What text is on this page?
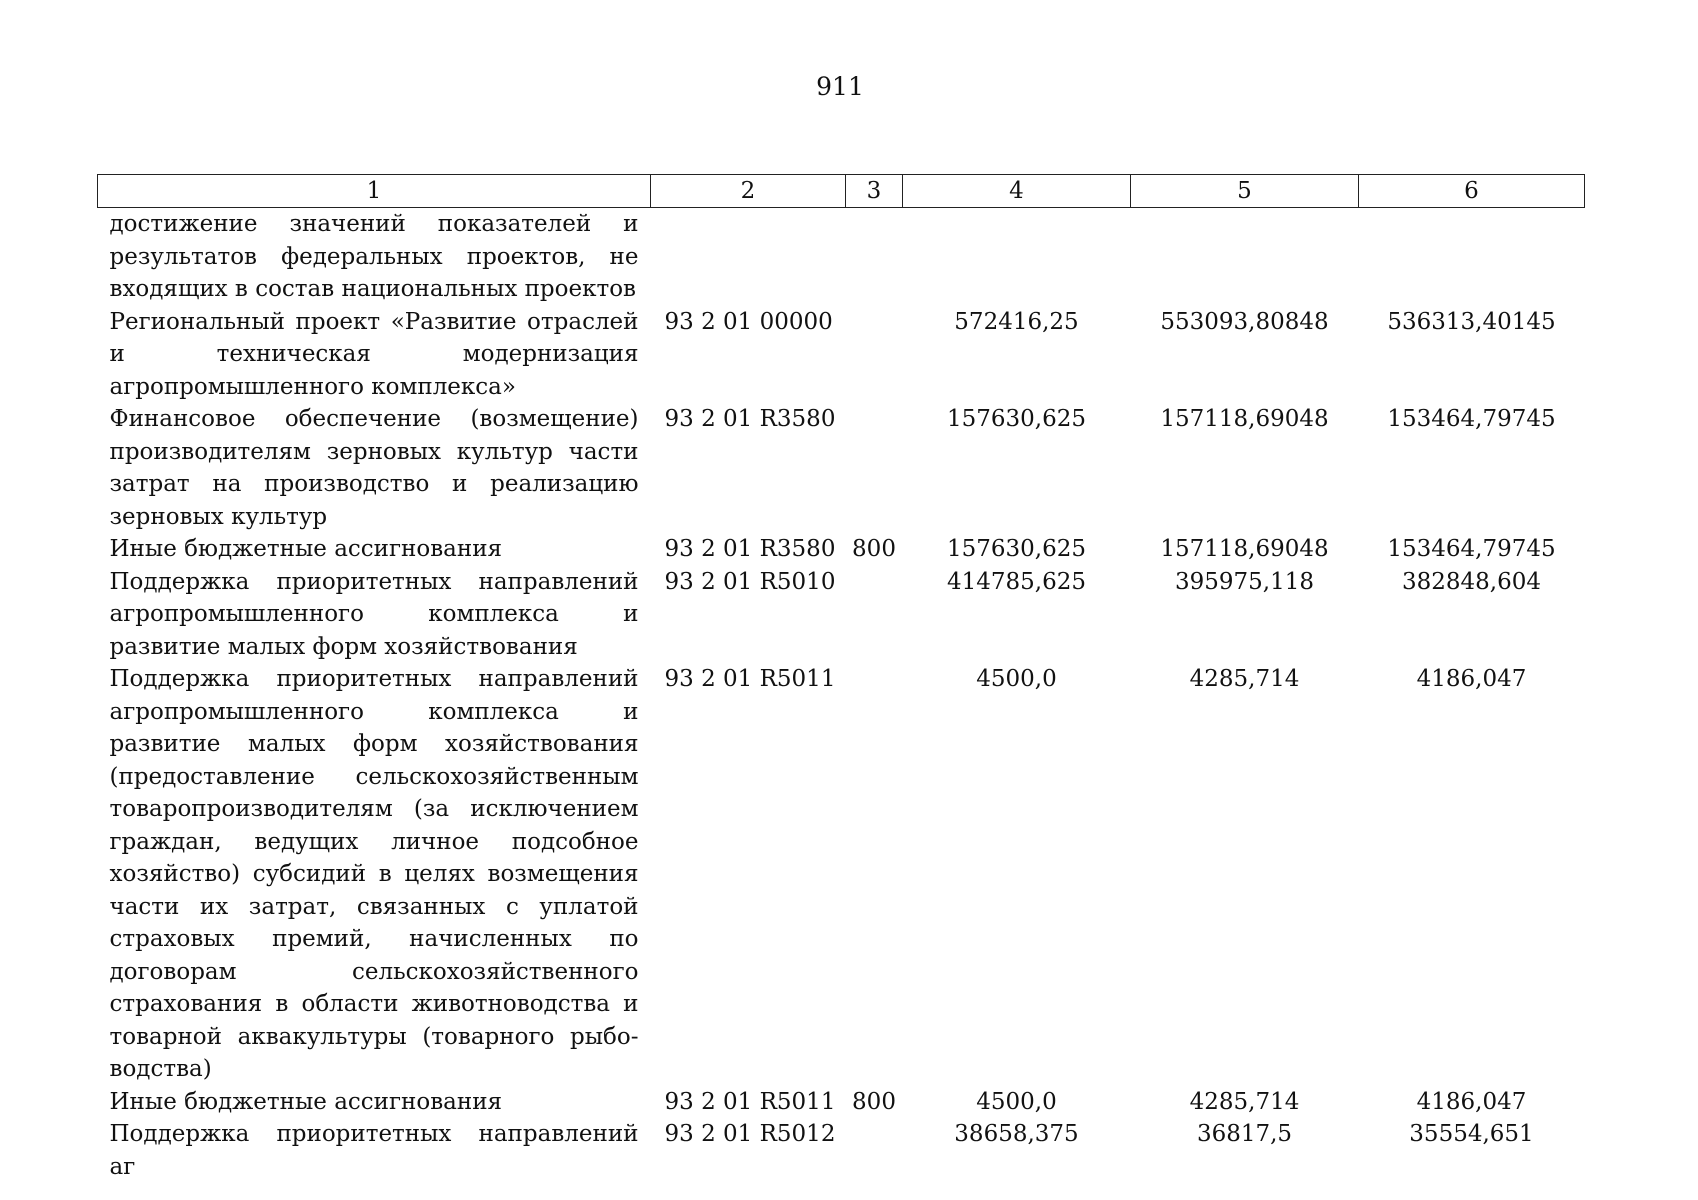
911
1	2	3	4	5	6
достижение значений показателей и результатов федеральных проектов, не входящих в состав национальных проектов					
Региональный проект «Развитие отраслей и техническая модернизация агропромышленного комплекса»	93 2 01 00000		572416,25	553093,80848	536313,40145
Финансовое обеспечение (возмещение) производителям зерновых культур части затрат на производство и реализацию зерновых культур	93 2 01 R3580		157630,625	157118,69048	153464,79745
Иные бюджетные ассигнования	93 2 01 R3580	800	157630,625	157118,69048	153464,79745
Поддержка приоритетных направлений агропромышленного комплекса и развитие малых форм хозяйствования	93 2 01 R5010		414785,625	395975,118	382848,604
Поддержка приоритетных направлений агропромышленного комплекса и развитие малых форм хозяйствования (предоставление сельскохозяйственным товаропроизводителям (за исключением граждан, ведущих личное подсобное хозяйство) субсидий в целях возмещения части их затрат, связанных с уплатой страховых премий, начисленных по договорам сельскохозяйственного страхования в области животноводства и товарной аквакультуры (товарного рыбоводства)	93 2 01 R5011		4500,0	4285,714	4186,047
Иные бюджетные ассигнования	93 2 01 R5011	800	4500,0	4285,714	4186,047
Поддержка приоритетных направлений аг	93 2 01 R5012		38658,375	36817,5	35554,651
